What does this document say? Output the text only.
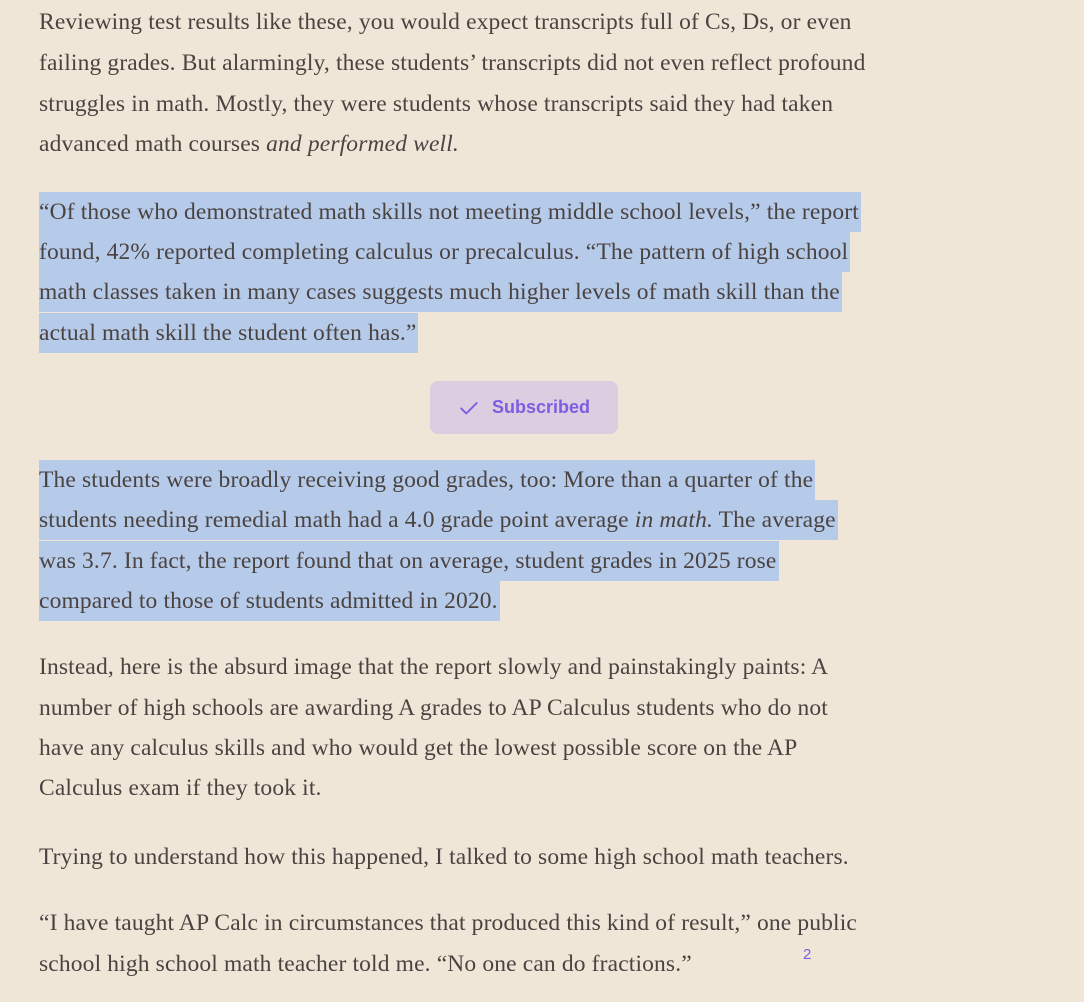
Reviewing test results like these, you would expect transcripts full of Cs, Ds, or even
failing grades. But alarmingly, these students’ transcripts did not even reflect profound
struggles in math. Mostly, they were students whose transcripts said they had taken
advanced math courses and performed well.
“Of those who demonstrated math skills not meeting middle school levels,” the report
found, 42% reported completing calculus or precalculus. “The pattern of high school
math classes taken in many cases suggests much higher levels of math skill than the
actual math skill the student often has.”
Subscribed
The students were broadly receiving good grades, too: More than a quarter of the
students needing remedial math had a 4.0 grade point average in math. The average
was 3.7. In fact, the report found that on average, student grades in 2025 rose
compared to those of students admitted in 2020.
Instead, here is the absurd image that the report slowly and painstakingly paints: A
number of high schools are awarding A grades to AP Calculus students who do not
have any calculus skills and who would get the lowest possible score on the AP
Calculus exam if they took it.
Trying to understand how this happened, I talked to some high school math teachers.
“I have taught AP Calc in circumstances that produced this kind of result,” one public
school high school math teacher told me. “No one can do fractions.”	2
